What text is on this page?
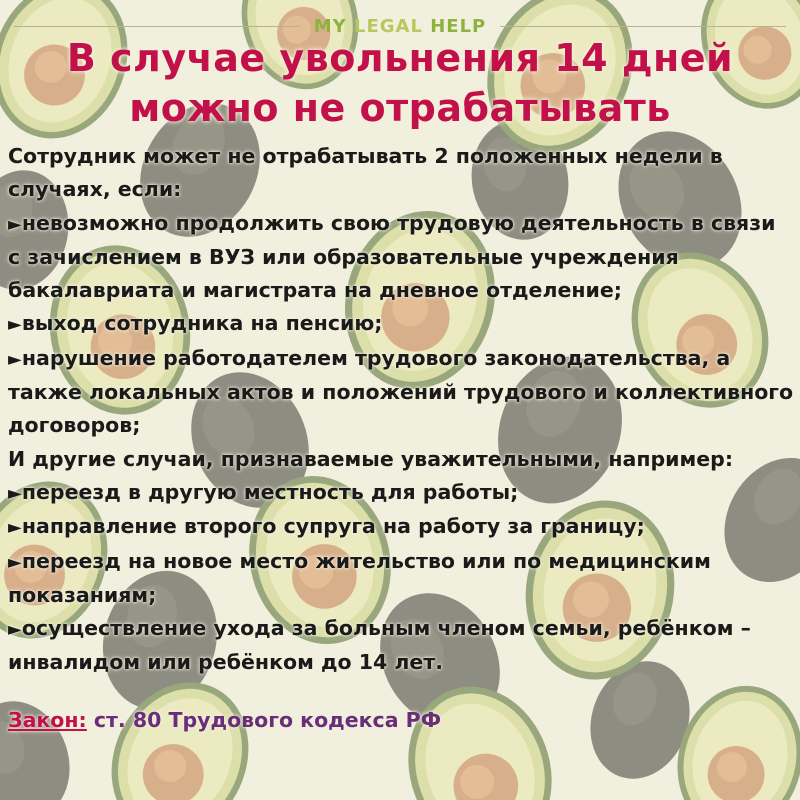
MY LEGAL HELP
В случае увольнения 14 дней
можно не отрабатывать

Сотрудник может не отрабатывать 2 положенных недели в случаях, если:

►невозможно продолжить свою трудовую деятельность в связи с зачислением в ВУЗ или образовательные учреждения бакалавриата и магистрата на дневное отделение;

►выход сотрудника на пенсию;

►нарушение работодателем трудового законодательства, а также локальных актов и положений трудового и коллективного договоров;

И другие случаи, признаваемые уважительными, например:

►переезд в другую местность для работы;

►направление второго супруга на работу за границу;

►переезд на новое место жительство или по медицинским показаниям;

►осуществление ухода за больным членом семьи, ребёнком – инвалидом или ребёнком до 14 лет.

Закон: ст. 80 Трудового кодекса РФ
